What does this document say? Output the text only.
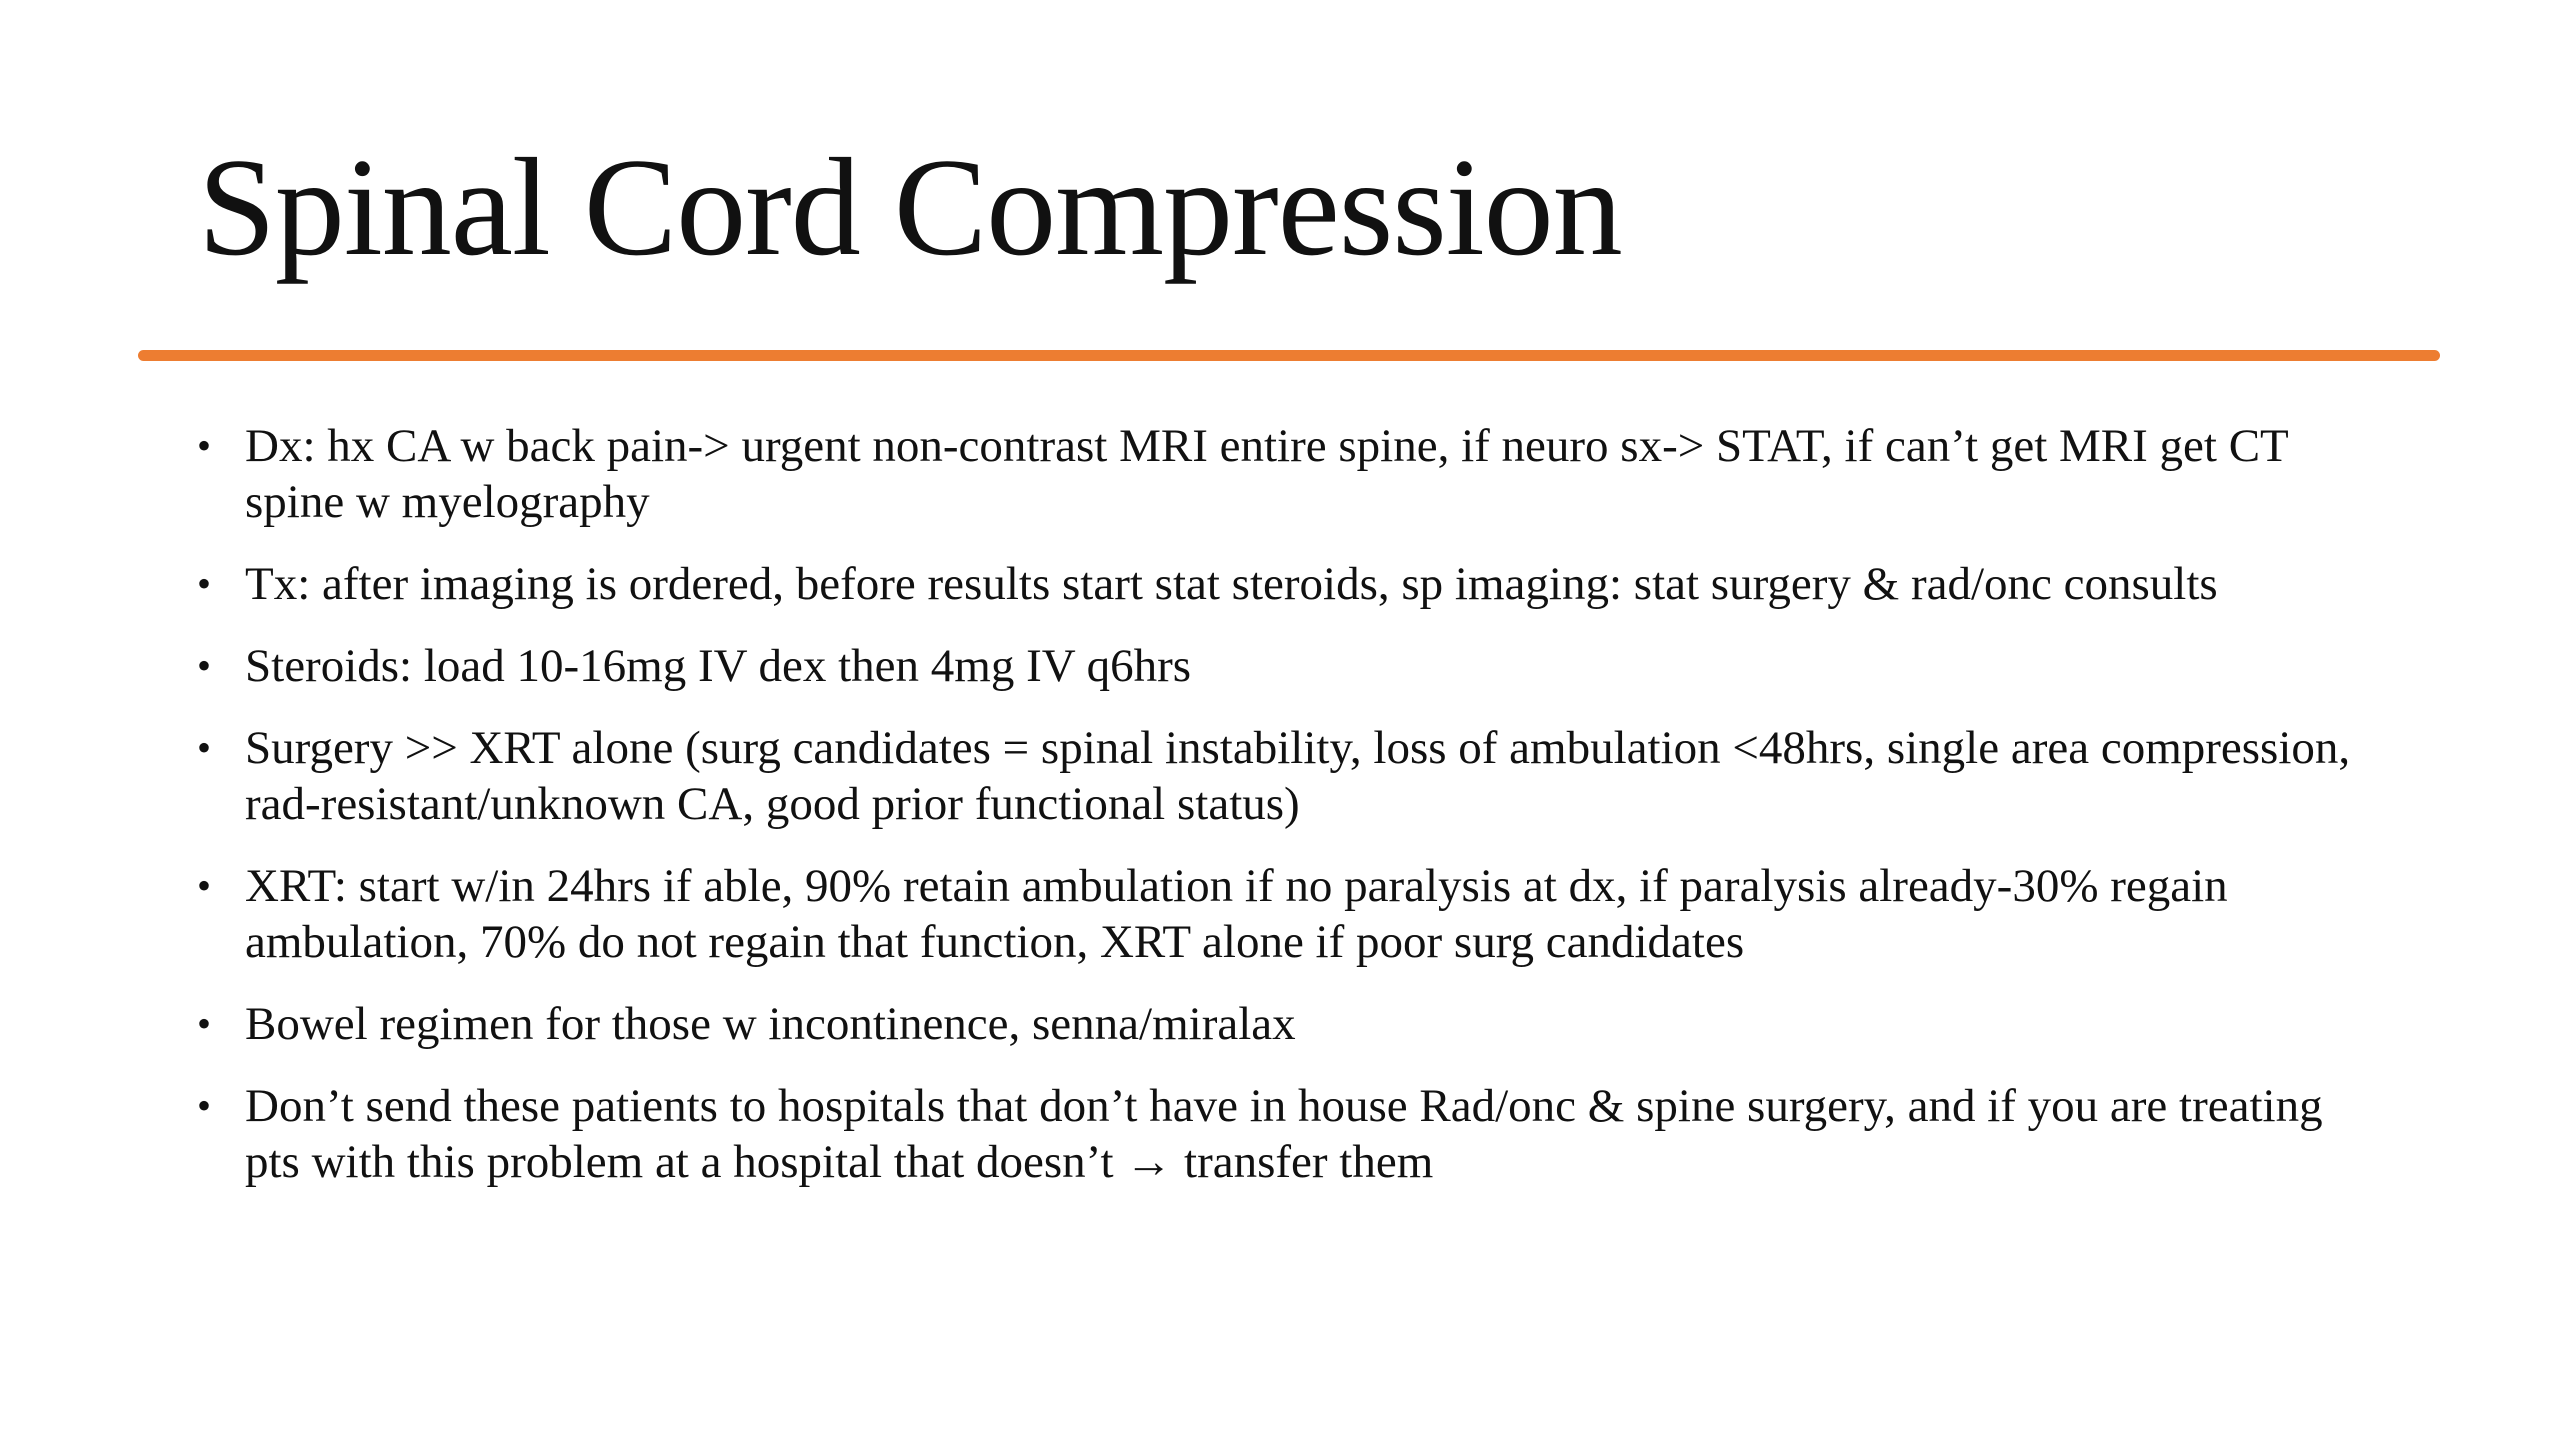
Spinal Cord Compression
• Dx: hx CA w back pain-> urgent non-contrast MRI entire spine, if neuro sx-> STAT, if can’t get MRI get CT spine w myelography
• Tx: after imaging is ordered, before results start stat steroids, sp imaging: stat surgery & rad/onc consults
• Steroids: load 10-16mg IV dex then 4mg IV q6hrs
• Surgery >> XRT alone (surg candidates = spinal instability, loss of ambulation <48hrs, single area compression, rad-resistant/unknown CA, good prior functional status)
• XRT: start w/in 24hrs if able, 90% retain ambulation if no paralysis at dx, if paralysis already-30% regain ambulation, 70% do not regain that function, XRT alone if poor surg candidates
• Bowel regimen for those w incontinence, senna/miralax
• Don’t send these patients to hospitals that don’t have in house Rad/onc & spine surgery, and if you are treating pts with this problem at a hospital that doesn’t → transfer them
